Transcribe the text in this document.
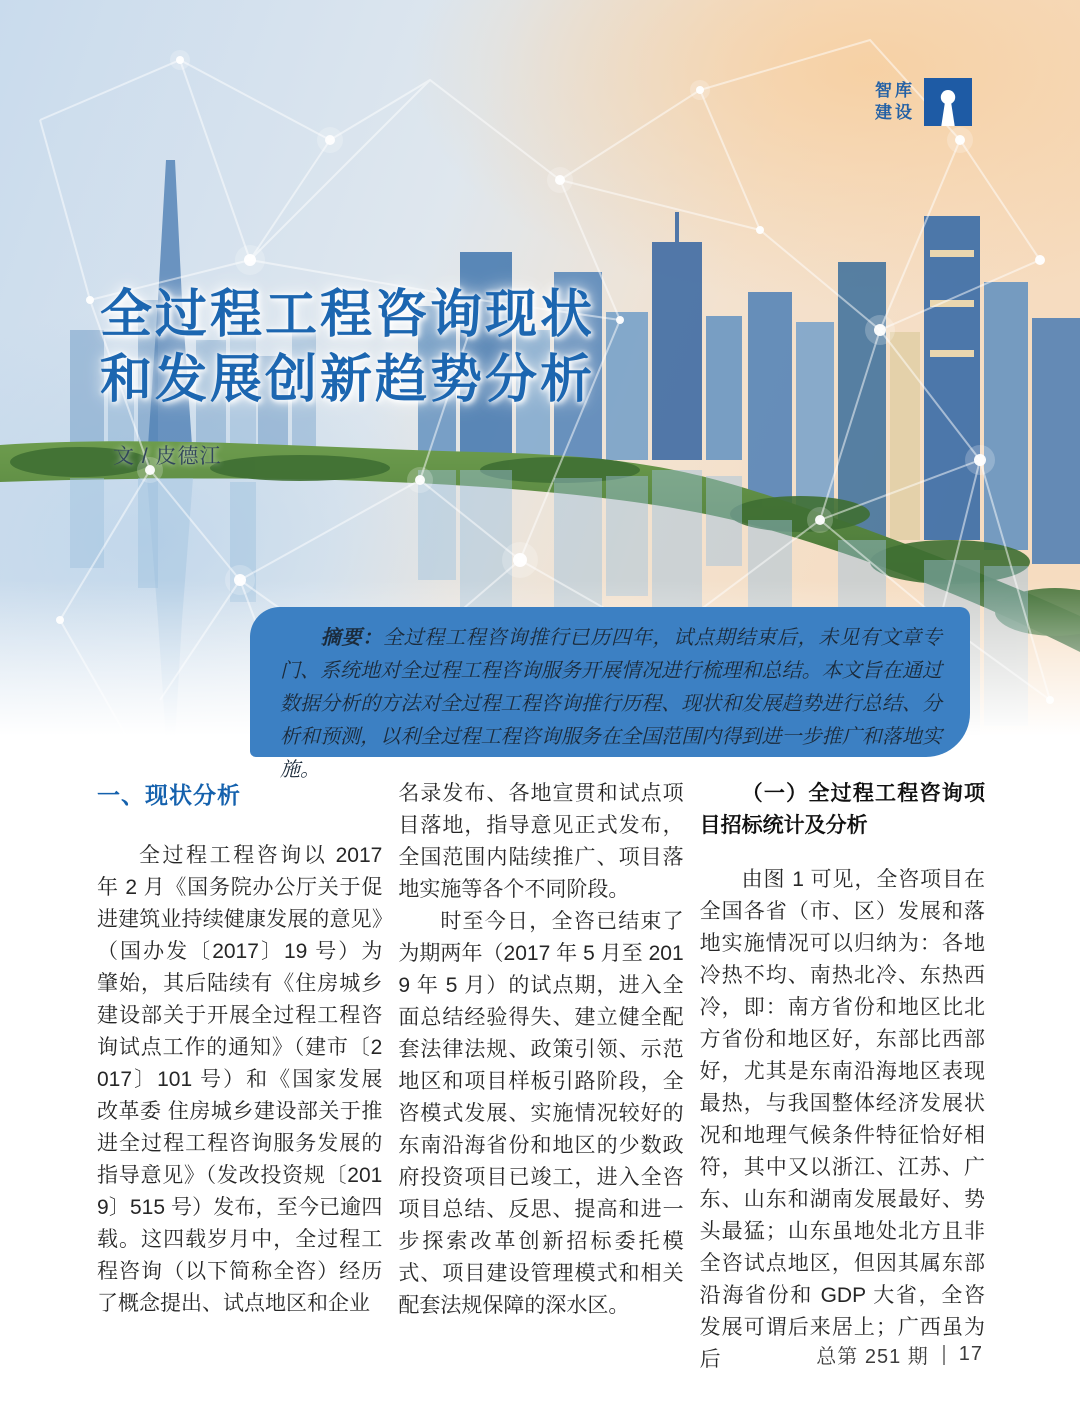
智库
建设
全过程工程咨询现状
和发展创新趋势分析
文 / 皮德江
摘要：全过程工程咨询推行已历四年，试点期结束后，未见有文章专门、系统地对全过程工程咨询服务开展情况进行梳理和总结。本文旨在通过数据分析的方法对全过程工程咨询推行历程、现状和发展趋势进行总结、分析和预测，以利全过程工程咨询服务在全国范围内得到进一步推广和落地实施。
一、现状分析

全过程工程咨询以 2017 年 2 月《国务院办公厅关于促进建筑业持续健康发展的意见》（国办发〔2017〕19 号）为肇始，其后陆续有《住房城乡建设部关于开展全过程工程咨询试点工作的通知》（建市〔2017〕101 号）和《国家发展改革委 住房城乡建设部关于推进全过程工程咨询服务发展的指导意见》（发改投资规〔2019〕515 号）发布，至今已逾四载。这四载岁月中，全过程工程咨询（以下简称全咨）经历了概念提出、试点地区和企业

名录发布、各地宣贯和试点项目落地，指导意见正式发布，全国范围内陆续推广、项目落地实施等各个不同阶段。

时至今日，全咨已结束了为期两年（2017 年 5 月至 2019 年 5 月）的试点期，进入全面总结经验得失、建立健全配套法律法规、政策引领、示范地区和项目样板引路阶段，全咨模式发展、实施情况较好的东南沿海省份和地区的少数政府投资项目已竣工，进入全咨项目总结、反思、提高和进一步探索改革创新招标委托模式、项目建设管理模式和相关配套法规保障的深水区。

（一）全过程工程咨询项目招标统计及分析

由图 1 可见，全咨项目在全国各省（市、区）发展和落地实施情况可以归纳为：各地冷热不均、南热北冷、东热西冷，即：南方省份和地区比北方省份和地区好，东部比西部好，尤其是东南沿海地区表现最热，与我国整体经济发展状况和地理气候条件特征恰好相符，其中又以浙江、江苏、广东、山东和湖南发展最好、势头最猛；山东虽地处北方且非全咨试点地区，但因其属东部沿海省份和 GDP 大省，全咨发展可谓后来居上；广西虽为后	总第 251 期 17
